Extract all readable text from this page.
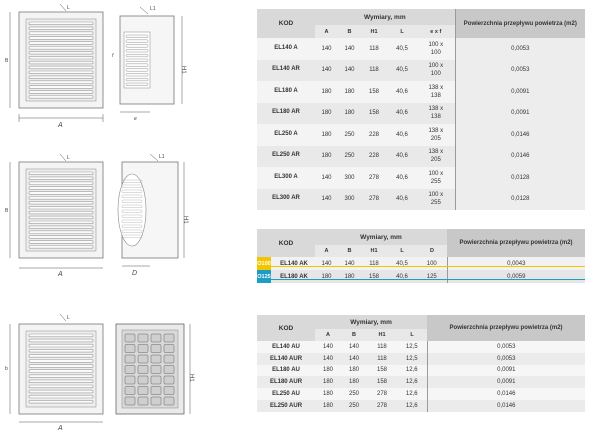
A
B
L	L1
f
H1
e
A
B
L	L1
H1
D
A
b
L
H1
KOD	Wymiary, mm					Powierzchnia przepływu powietrza (m2)
	A	B	H1	L	e x f	
EL140 A	140	140	118	40,5	100 x 100	0,0053
EL140 AR	140	140	118	40,5	100 x 100	0,0053
EL180 A	180	180	158	40,6	138 x 138	0,0091
EL180 AR	180	180	158	40,6	138 x 138	0,0091
EL250 A	180	250	228	40,6	138 x 205	0,0146
EL250 AR	180	250	228	40,6	138 x 205	0,0146
EL300 A	140	300	278	40,6	100 x 255	0,0128
EL300 AR	140	300	278	40,6	100 x 255	0,0128
KOD	Wymiary, mm					Powierzchnia przepływu powietrza (m2)
	A	B	H1	L	D	

O100 EL140 AK	140	140	118	40,5	100	0,0043

O125 EL180 AK	180	180	158	40,6	125	0,0059
KOD	Wymiary, mm				Powierzchnia przepływu powietrza (m2)
	A	B	H1	L	
EL140 AU	140	140	118	12,5	0,0053
EL140 AUR	140	140	118	12,5	0,0053
EL180 AU	180	180	158	12,6	0,0091
EL180 AUR	180	180	158	12,6	0,0091
EL250 AU	180	250	278	12,6	0,0146
EL250 AUR	180	250	278	12,6	0,0146
